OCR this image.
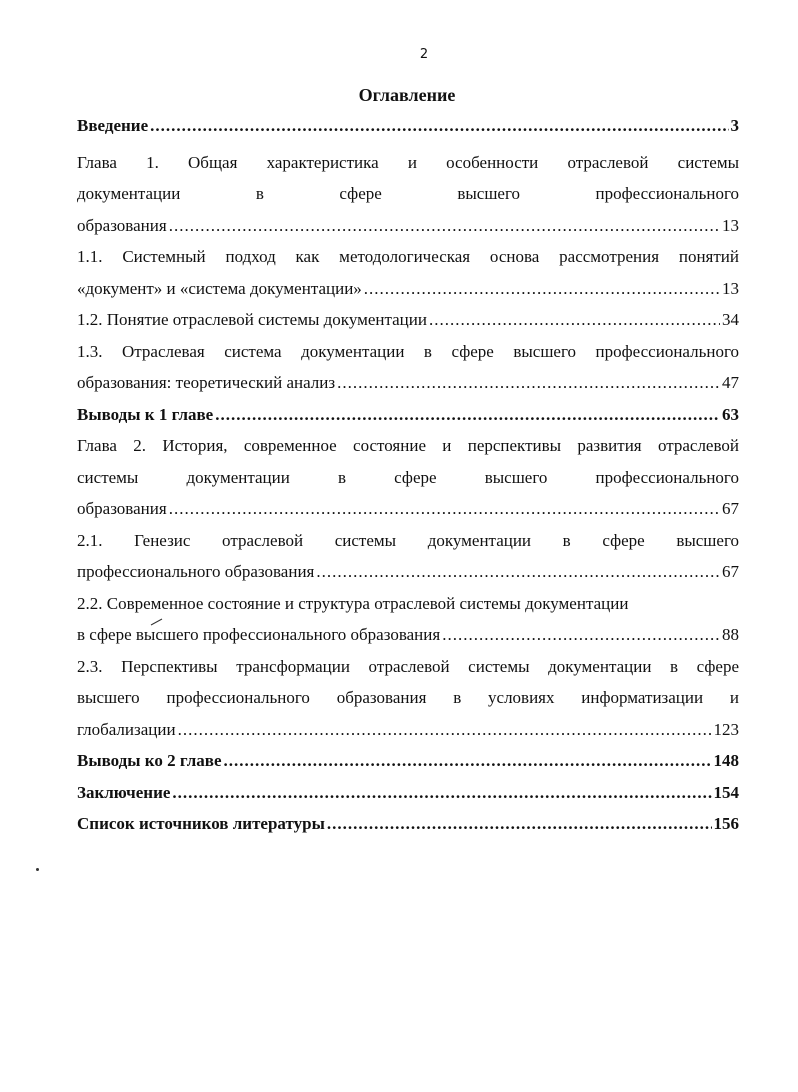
2
Оглавление
Введение .....	3
Глава 1. Общая характеристика и особенности отраслевой системы
документации в сфере высшего профессионального
образования .....	13
1.1. Системный подход как методологическая основа рассмотрения понятий
«документ» и «система документации» .....	13
1.2. Понятие отраслевой системы документации .....	34
1.3. Отраслевая система документации в сфере высшего профессионального
образования: теоретический анализ .....	47
Выводы к 1 главе .....	63
Глава 2. История, современное состояние и перспективы развития отраслевой
системы документации в сфере высшего профессионального
образования .....	67
2.1. Генезис отраслевой системы документации в сфере высшего
профессионального образования .....	67
2.2. Современное состояние и структура отраслевой системы документации
в сфере высшего профессионального образования .....	88
2.3. Перспективы трансформации отраслевой системы документации в сфере
высшего профессионального образования в условиях информатизации и
глобализации .....	123
Выводы ко 2 главе .....	148
Заключение .....	154
Список источников литературы .....	156
